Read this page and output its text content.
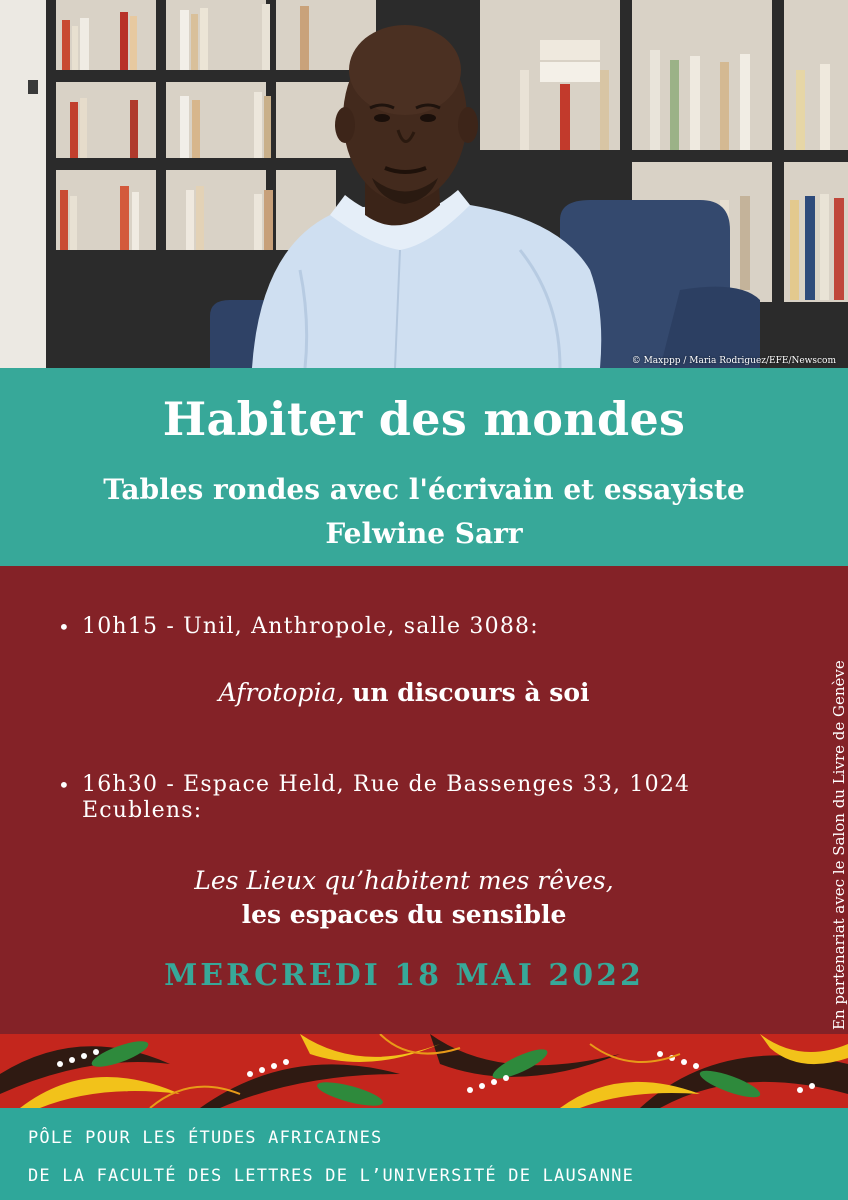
© Maxppp / Maria Rodriguez/EFE/Newscom
Habiter des mondes
Tables rondes avec l'écrivain et essayiste
Felwine Sarr
• 10h15 - Unil, Anthropole, salle 3088:
Afrotopia, un discours à soi
• 16h30 - Espace Held, Rue de Bassenges 33, 1024 Ecublens:
Les Lieux qu’habitent mes rêves,
les espaces du sensible
MERCREDI 18 MAI 2022	En partenariat avec le Salon du Livre de Genève
PÔLE POUR LES ÉTUDES AFRICAINES
DE LA FACULTÉ DES LETTRES DE L’UNIVERSITÉ DE LAUSANNE
